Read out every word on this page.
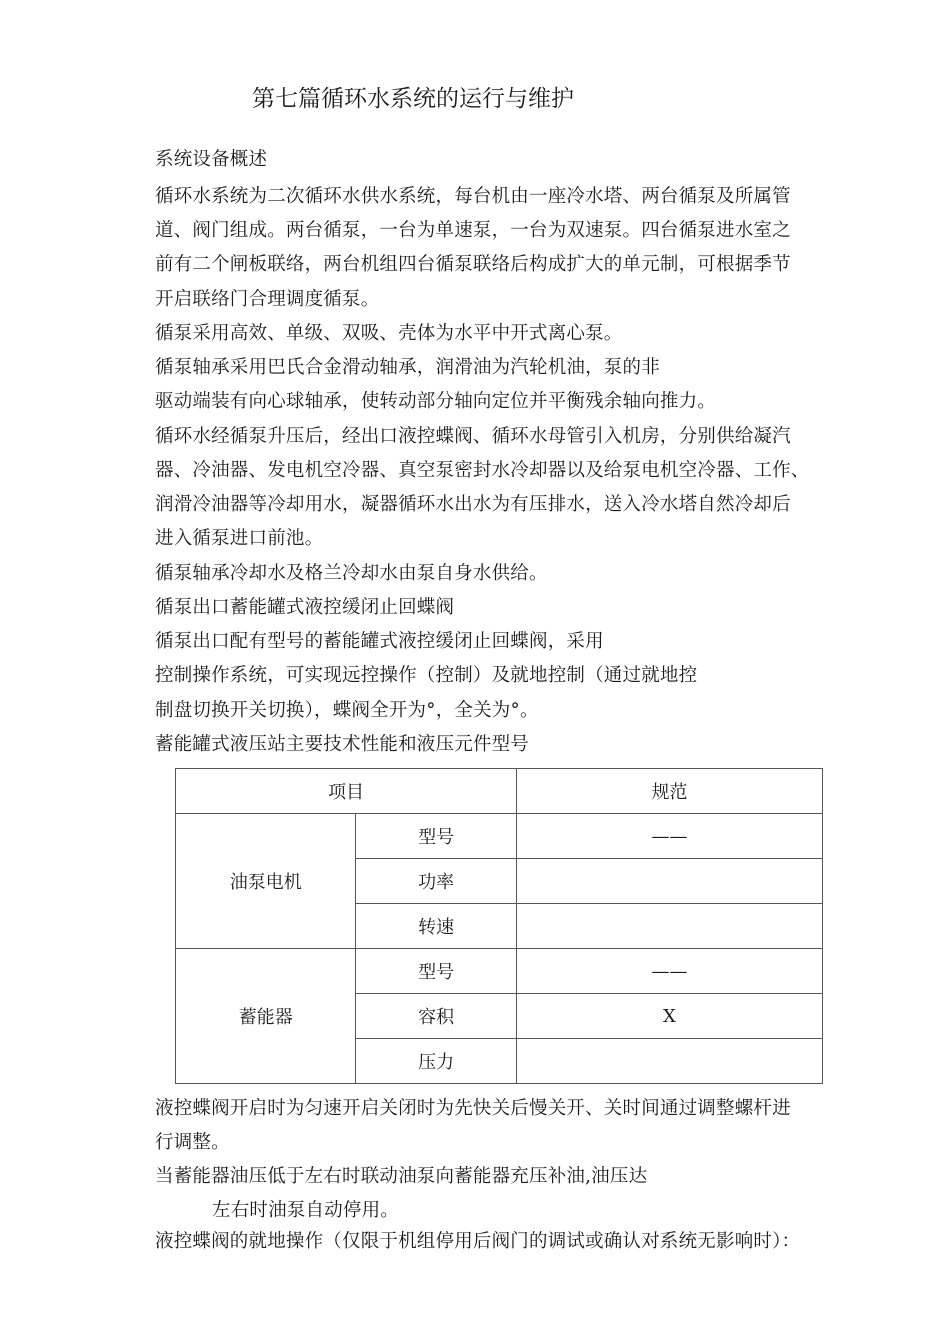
第七篇循环水系统的运行与维护
系统设备概述
循环水系统为二次循环水供水系统，每台机由一座冷水塔、两台循泵及所属管
道、阀门组成。两台循泵，一台为单速泵，一台为双速泵。四台循泵进水室之
前有二个闸板联络，两台机组四台循泵联络后构成扩大的单元制，可根据季节
开启联络门合理调度循泵。
循泵采用高效、单级、双吸、壳体为水平中开式离心泵。
循泵轴承采用巴氏合金滑动轴承，润滑油为汽轮机油，泵的非
驱动端装有向心球轴承，使转动部分轴向定位并平衡残余轴向推力。
循环水经循泵升压后，经出口液控蝶阀、循环水母管引入机房，分别供给凝汽
器、冷油器、发电机空冷器、真空泵密封水冷却器以及给泵电机空冷器、工作、
润滑冷油器等冷却用水，凝器循环水出水为有压排水，送入冷水塔自然冷却后
进入循泵进口前池。
循泵轴承冷却水及格兰冷却水由泵自身水供给。
循泵出口蓄能罐式液控缓闭止回蝶阀
循泵出口配有型号的蓄能罐式液控缓闭止回蝶阀，采用
控制操作系统，可实现远控操作（控制）及就地控制（通过就地控
制盘切换开关切换），蝶阀全开为°，全关为°。
蓄能罐式液压站主要技术性能和液压元件型号
项目		规范
油泵电机	型号	——
	功率	
	转速	
蓄能器	型号	——
	容积	X
	压力	
液控蝶阀开启时为匀速开启关闭时为先快关后慢关开、关时间通过调整螺杆进
行调整。
当蓄能器油压低于左右时联动油泵向蓄能器充压补油,油压达
左右时油泵自动停用。
液控蝶阀的就地操作（仅限于机组停用后阀门的调试或确认对系统无影响时）：
